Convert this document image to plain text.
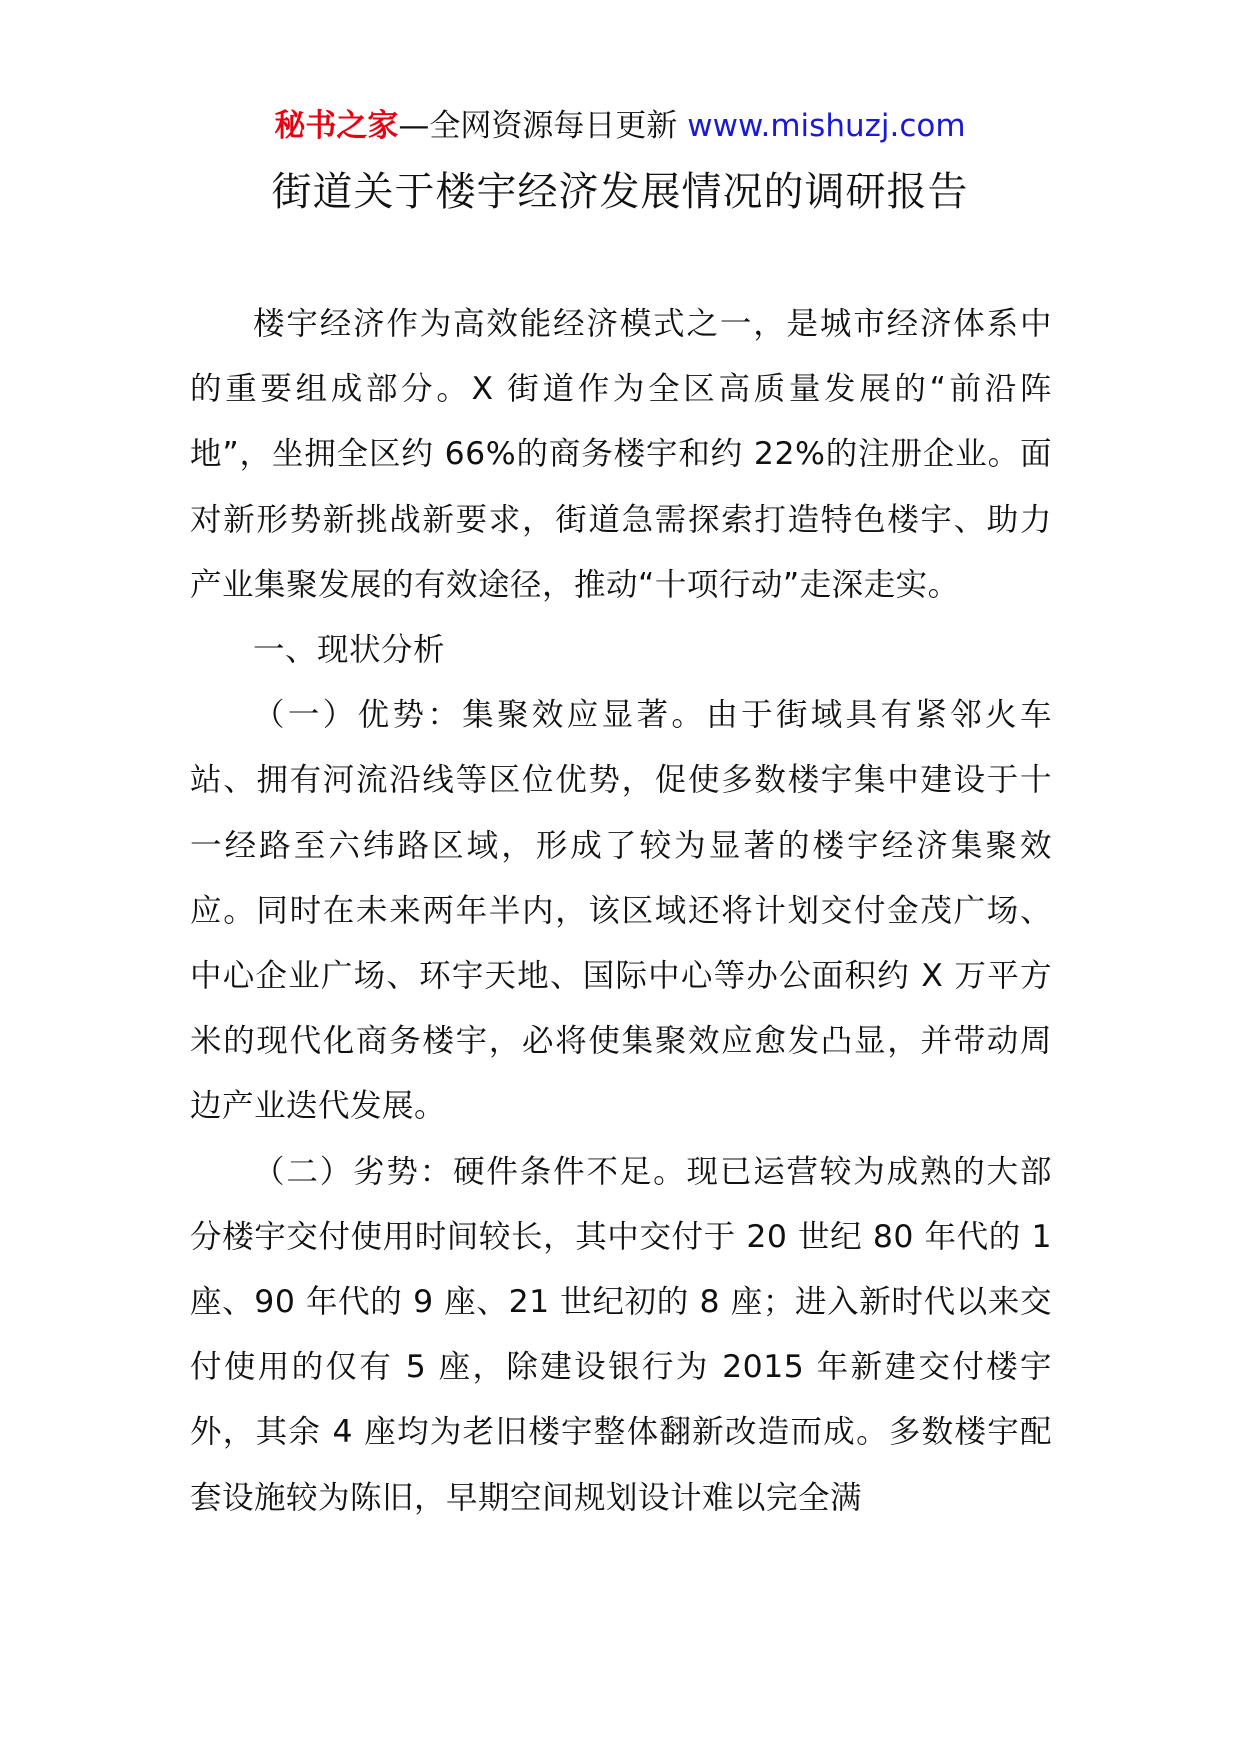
秘书之家—全网资源每日更新 www.mishuzj.com
街道关于楼宇经济发展情况的调研报告

楼宇经济作为高效能经济模式之一，是城市经济体系中的重要组成部分。X 街道作为全区高质量发展的“前沿阵地”，坐拥全区约 66%的商务楼宇和约 22%的注册企业。面对新形势新挑战新要求，街道急需探索打造特色楼宇、助力产业集聚发展的有效途径，推动“十项行动”走深走实。

一、现状分析

（一）优势：集聚效应显著。由于街域具有紧邻火车站、拥有河流沿线等区位优势，促使多数楼宇集中建设于十一经路至六纬路区域，形成了较为显著的楼宇经济集聚效应。同时在未来两年半内，该区域还将计划交付金茂广场、中心企业广场、环宇天地、国际中心等办公面积约 X 万平方米的现代化商务楼宇，必将使集聚效应愈发凸显，并带动周边产业迭代发展。

（二）劣势：硬件条件不足。现已运营较为成熟的大部分楼宇交付使用时间较长，其中交付于 20 世纪 80 年代的 1 座、90 年代的 9 座、21 世纪初的 8 座；进入新时代以来交付使用的仅有 5 座，除建设银行为 2015 年新建交付楼宇外，其余 4 座均为老旧楼宇整体翻新改造而成。多数楼宇配套设施较为陈旧，早期空间规划设计难以完全满
